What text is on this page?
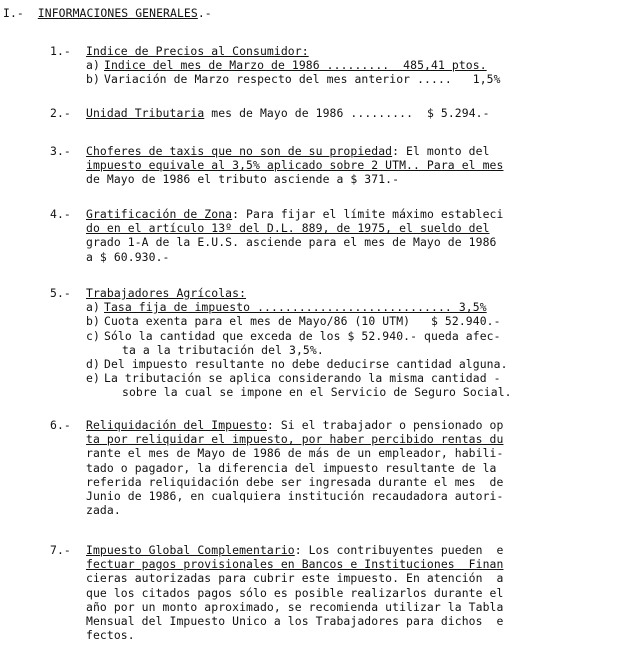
I.- INFORMACIONES GENERALES.-
1.- Indice de Precios al Consumidor:
a) Indice del mes de Marzo de 1986 .........  485,41 ptos.
b) Variación de Marzo respecto del mes anterior .....   1,5%
2.- Unidad Tributaria mes de Mayo de 1986 .........  $ 5.294.-
3.- Choferes de taxis que no son de su propiedad: El monto del
impuesto equivale al 3,5% aplicado sobre 2 UTM.. Para el mes
de Mayo de 1986 el tributo asciende a $ 371.-
4.- Gratificación de Zona: Para fijar el límite máximo estableci
do en el artículo 13º del D.L. 889, de 1975, el sueldo del
grado 1-A de la E.U.S. asciende para el mes de Mayo de 1986
a $ 60.930.-
5.- Trabajadores Agrícolas:
a) Tasa fija de impuesto ............................ 3,5%
b) Cuota exenta para el mes de Mayo/86 (10 UTM)   $ 52.940.-
c) Sólo la cantidad que exceda de los $ 52.940.- queda afec-
ta a la tributación del 3,5%.
d) Del impuesto resultante no debe deducirse cantidad alguna.
e) La tributación se aplica considerando la misma cantidad -
sobre la cual se impone en el Servicio de Seguro Social.
6.- Reliquidación del Impuesto: Si el trabajador o pensionado op
ta por reliquidar el impuesto, por haber percibido rentas du
rante el mes de Mayo de 1986 de más de un empleador, habili-
tado o pagador, la diferencia del impuesto resultante de la
referida reliquidación debe ser ingresada durante el mes  de
Junio de 1986, en cualquiera institución recaudadora autori-
zada.
7.- Impuesto Global Complementario: Los contribuyentes pueden  e
fectuar pagos provisionales en Bancos e Instituciones  Finan
cieras autorizadas para cubrir este impuesto. En atención  a
que los citados pagos sólo es posible realizarlos durante el
año por un monto aproximado, se recomienda utilizar la Tabla
Mensual del Impuesto Unico a los Trabajadores para dichos  e
fectos.
